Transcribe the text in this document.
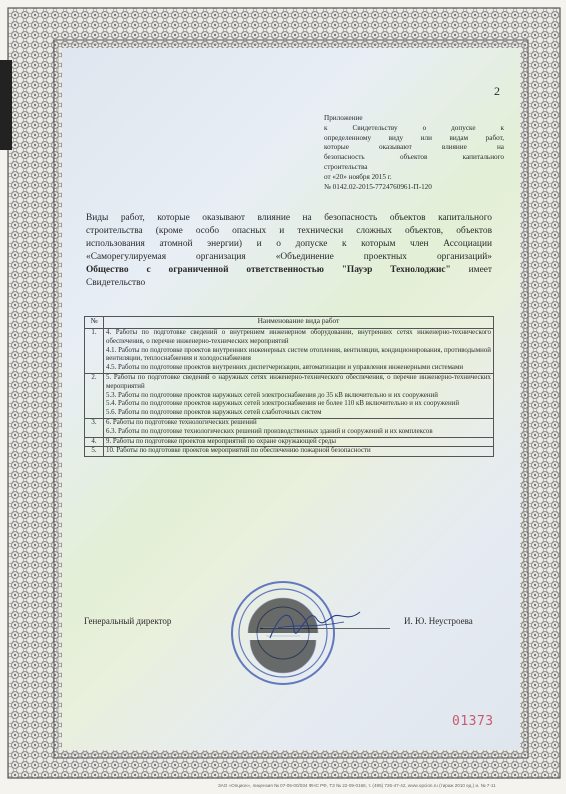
2
Приложение
к Свидетельству о допуске к
определенному виду или видам работ,
которые оказывают влияние на
безопасность объектов капитального
строительства
от «20» ноября 2015 г.
№ 0142.02-2015-7724760961-П-120
Виды работ, которые оказывают влияние на безопасность объектов капитального
строительства (кроме особо опасных и технически сложных объектов, объектов
использования атомной энергии) и о допуске к которым член Ассоциации
«Саморегулируемая организация «Объединение проектных организаций»
Общество с ограниченной ответственностью "Пауэр Технолоджис" имеет
Свидетельство
№	Наименование вида работ
1.	4. Работы по подготовке сведений о внутреннем инженерном оборудовании, внутренних сетях инженерно-технического обеспечения, о перечне инженерно-технических мероприятий
4.1. Работы по подготовке проектов внутренних инженерных систем отопления, вентиляции, кондиционирования, противодымной вентиляции, теплоснабжения и холодоснабжения
4.5. Работы по подготовке проектов внутренних диспетчеризации, автоматизации и управления инженерными системами

2.	5. Работы по подготовке сведений о наружных сетях инженерно-технического обеспечения, о перечне инженерно-технических мероприятий
5.3. Работы по подготовке проектов наружных сетей электроснабжения до 35 кВ включительно и их сооружений
5.4. Работы по подготовке проектов наружных сетей электроснабжения не более 110 кВ включительно и их сооружений
5.6. Работы по подготовке проектов наружных сетей слаботочных систем

3.	6. Работы по подготовке технологических решений
6.3. Работы по подготовке технологических решений производственных зданий и сооружений и их комплексов

4.	9. Работы по подготовке проектов мероприятий по охране окружающей среды

5.	10. Работы по подготовке проектов мероприятий по обеспечению пожарной безопасности
Генеральный директор	И. Ю. Неустроева
01373
ЗАО «Опцион», лицензия № 07-05-00/034 ФНС РФ, ТЗ № 22-09-0166, т. (495) 726-47-42, www.opcion.ru (тираж 2010 ед.) и. № 7-11
